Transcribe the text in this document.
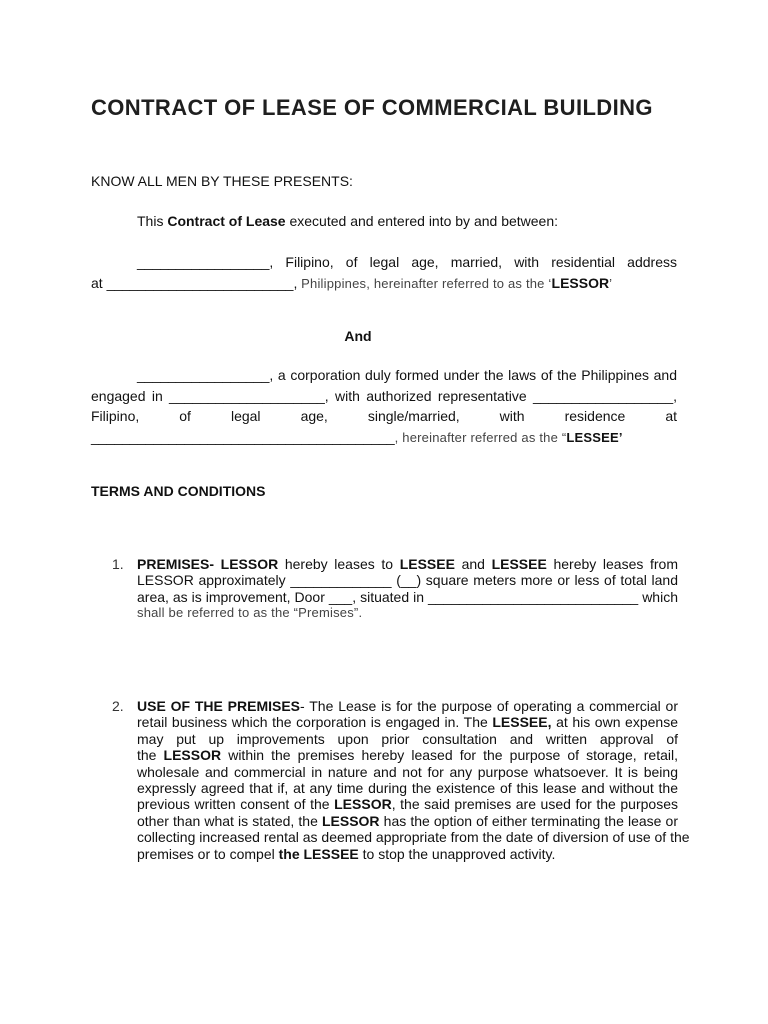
CONTRACT OF LEASE OF COMMERCIAL BUILDING
KNOW ALL MEN BY THESE PRESENTS:
This Contract of Lease executed and entered into by and between:
_________________, Filipino, of legal age, married, with residential address
at ________________________, Philippines, hereinafter referred to as the ‘LESSOR’
And
_________________, a corporation duly formed under the laws of the Philippines and
engaged in ____________________, with authorized representative __________________,
Filipino, of legal age, single/married, with residence at
_______________________________________, hereinafter referred as the “LESSEE’
TERMS AND CONDITIONS
1. PREMISES- LESSOR hereby leases to LESSEE and LESSEE hereby leases from
LESSOR approximately _____________ (__) square meters more or less of total land
area, as is improvement, Door ___, situated in ___________________________ which
shall be referred to as the “Premises”.
2. USE OF THE PREMISES- The Lease is for the purpose of operating a commercial or
retail business which the corporation is engaged in. The LESSEE, at his own expense
may put up improvements upon prior consultation and written approval of
the LESSOR within the premises hereby leased for the purpose of storage, retail,
wholesale and commercial in nature and not for any purpose whatsoever. It is being
expressly agreed that if, at any time during the existence of this lease and without the
previous written consent of the LESSOR, the said premises are used for the purposes
other than what is stated, the LESSOR has the option of either terminating the lease or
collecting increased rental as deemed appropriate from the date of diversion of use of the
premises or to compel the LESSEE to stop the unapproved activity.
